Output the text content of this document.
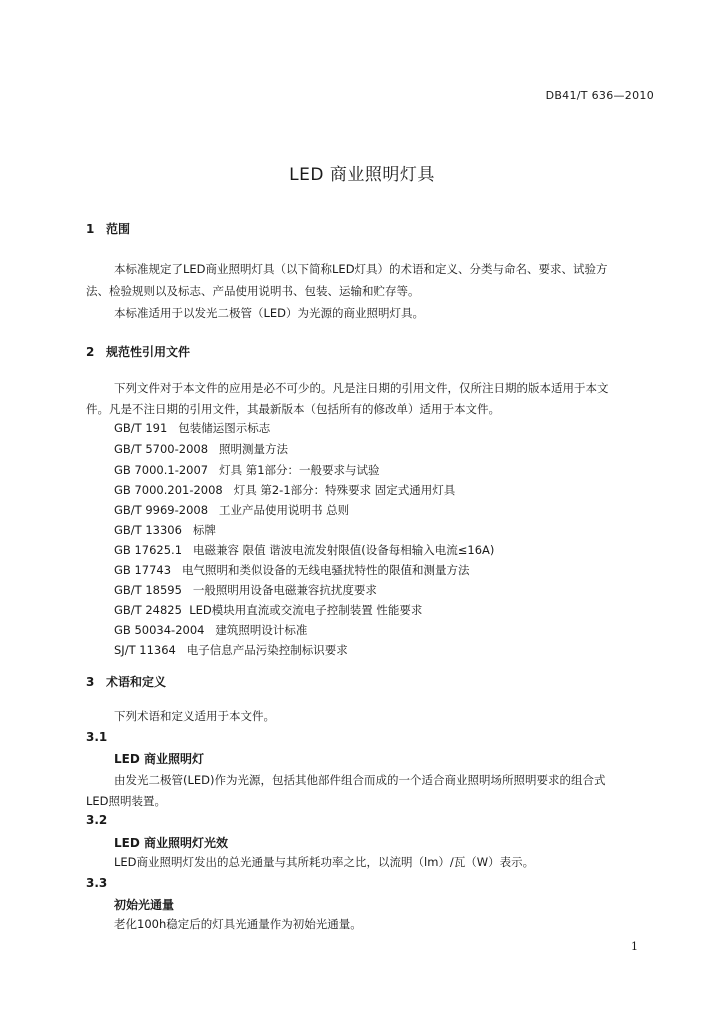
DB41/T 636—2010
LED 商业照明灯具
1 范围
本标准规定了LED商业照明灯具（以下简称LED灯具）的术语和定义、分类与命名、要求、试验方
法、检验规则以及标志、产品使用说明书、包装、运输和贮存等。
本标准适用于以发光二极管（LED）为光源的商业照明灯具。
2 规范性引用文件
下列文件对于本文件的应用是必不可少的。凡是注日期的引用文件，仅所注日期的版本适用于本文
件。凡是不注日期的引用文件，其最新版本（包括所有的修改单）适用于本文件。
GB/T 191   包装储运图示标志
GB/T 5700-2008   照明测量方法
GB 7000.1-2007   灯具 第1部分：一般要求与试验
GB 7000.201-2008   灯具 第2-1部分：特殊要求 固定式通用灯具
GB/T 9969-2008   工业产品使用说明书 总则
GB/T 13306   标牌
GB 17625.1   电磁兼容 限值 谐波电流发射限值(设备每相输入电流≤16A)
GB 17743   电气照明和类似设备的无线电骚扰特性的限值和测量方法
GB/T 18595   一般照明用设备电磁兼容抗扰度要求
GB/T 24825  LED模块用直流或交流电子控制装置 性能要求
GB 50034-2004   建筑照明设计标准
SJ/T 11364   电子信息产品污染控制标识要求
3 术语和定义
下列术语和定义适用于本文件。
3.1
LED 商业照明灯
由发光二极管(LED)作为光源，包括其他部件组合而成的一个适合商业照明场所照明要求的组合式
LED照明装置。
3.2
LED 商业照明灯光效
LED商业照明灯发出的总光通量与其所耗功率之比，以流明（lm）/瓦（W）表示。
3.3
初始光通量
老化100h稳定后的灯具光通量作为初始光通量。
1
